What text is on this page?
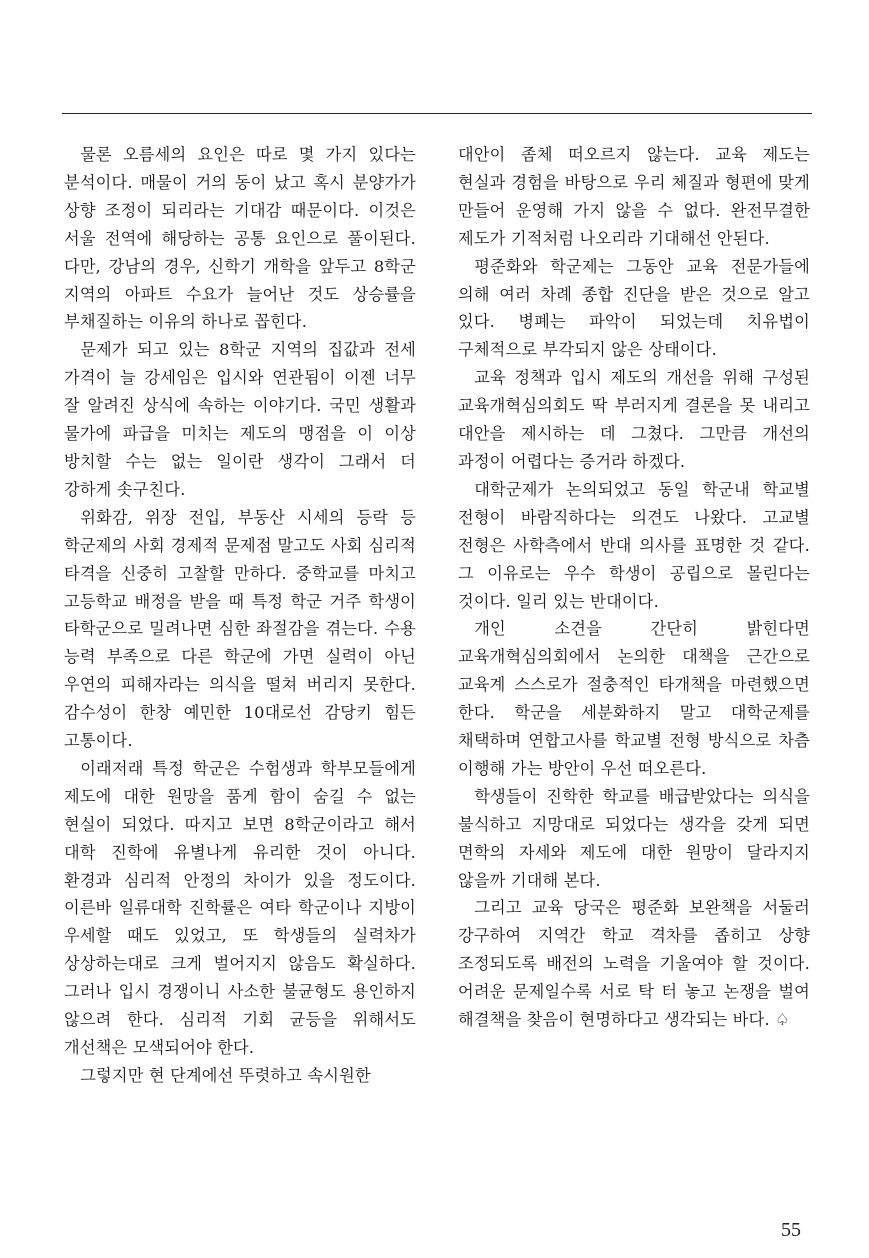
물론 오름세의 요인은 따로 몇 가지 있다는 분석이다. 매물이 거의 동이 났고 혹시 분양가가 상향 조정이 되리라는 기대감 때문이다. 이것은 서울 전역에 해당하는 공통 요인으로 풀이된다. 다만, 강남의 경우, 신학기 개학을 앞두고 8학군 지역의 아파트 수요가 늘어난 것도 상승률을 부채질하는 이유의 하나로 꼽힌다.

문제가 되고 있는 8학군 지역의 집값과 전세 가격이 늘 강세임은 입시와 연관됨이 이젠 너무 잘 알려진 상식에 속하는 이야기다. 국민 생활과 물가에 파급을 미치는 제도의 맹점을 이 이상 방치할 수는 없는 일이란 생각이 그래서 더 강하게 솟구친다.

위화감, 위장 전입, 부동산 시세의 등락 등 학군제의 사회 경제적 문제점 말고도 사회 심리적 타격을 신중히 고찰할 만하다. 중학교를 마치고 고등학교 배정을 받을 때 특정 학군 거주 학생이 타학군으로 밀려나면 심한 좌절감을 겪는다. 수용 능력 부족으로 다른 학군에 가면 실력이 아닌 우연의 피해자라는 의식을 떨쳐 버리지 못한다. 감수성이 한창 예민한 10대로선 감당키 힘든 고통이다.

이래저래 특정 학군은 수험생과 학부모들에게 제도에 대한 원망을 품게 함이 숨길 수 없는 현실이 되었다. 따지고 보면 8학군이라고 해서 대학 진학에 유별나게 유리한 것이 아니다. 환경과 심리적 안정의 차이가 있을 정도이다. 이른바 일류대학 진학률은 여타 학군이나 지방이 우세할 때도 있었고, 또 학생들의 실력차가 상상하는대로 크게 벌어지지 않음도 확실하다. 그러나 입시 경쟁이니 사소한 불균형도 용인하지 않으려 한다. 심리적 기회 균등을 위해서도 개선책은 모색되어야 한다.

그렇지만 현 단계에선 뚜렷하고 속시원한

대안이 좀체 떠오르지 않는다. 교육 제도는 현실과 경험을 바탕으로 우리 체질과 형편에 맞게 만들어 운영해 가지 않을 수 없다. 완전무결한 제도가 기적처럼 나오리라 기대해선 안된다.

평준화와 학군제는 그동안 교육 전문가들에 의해 여러 차례 종합 진단을 받은 것으로 알고 있다. 병폐는 파악이 되었는데 치유법이 구체적으로 부각되지 않은 상태이다.

교육 정책과 입시 제도의 개선을 위해 구성된 교육개혁심의회도 딱 부러지게 결론을 못 내리고 대안을 제시하는 데 그쳤다. 그만큼 개선의 과정이 어렵다는 증거라 하겠다.

대학군제가 논의되었고 동일 학군내 학교별 전형이 바람직하다는 의견도 나왔다. 고교별 전형은 사학측에서 반대 의사를 표명한 것 같다. 그 이유로는 우수 학생이 공립으로 몰린다는 것이다. 일리 있는 반대이다.

개인 소견을 간단히 밝힌다면 교육개혁심의회에서 논의한 대책을 근간으로 교육계 스스로가 절충적인 타개책을 마련했으면 한다. 학군을 세분화하지 말고 대학군제를 채택하며 연합고사를 학교별 전형 방식으로 차츰 이행해 가는 방안이 우선 떠오른다.

학생들이 진학한 학교를 배급받았다는 의식을 불식하고 지망대로 되었다는 생각을 갖게 되면 면학의 자세와 제도에 대한 원망이 달라지지 않을까 기대해 본다.

그리고 교육 당국은 평준화 보완책을 서둘러 강구하여 지역간 학교 격차를 좁히고 상향 조정되도록 배전의 노력을 기울여야 할 것이다. 어려운 문제일수록 서로 탁 터 놓고 논쟁을 벌여 해결책을 찾음이 현명하다고 생각되는 바다. ♤

55
